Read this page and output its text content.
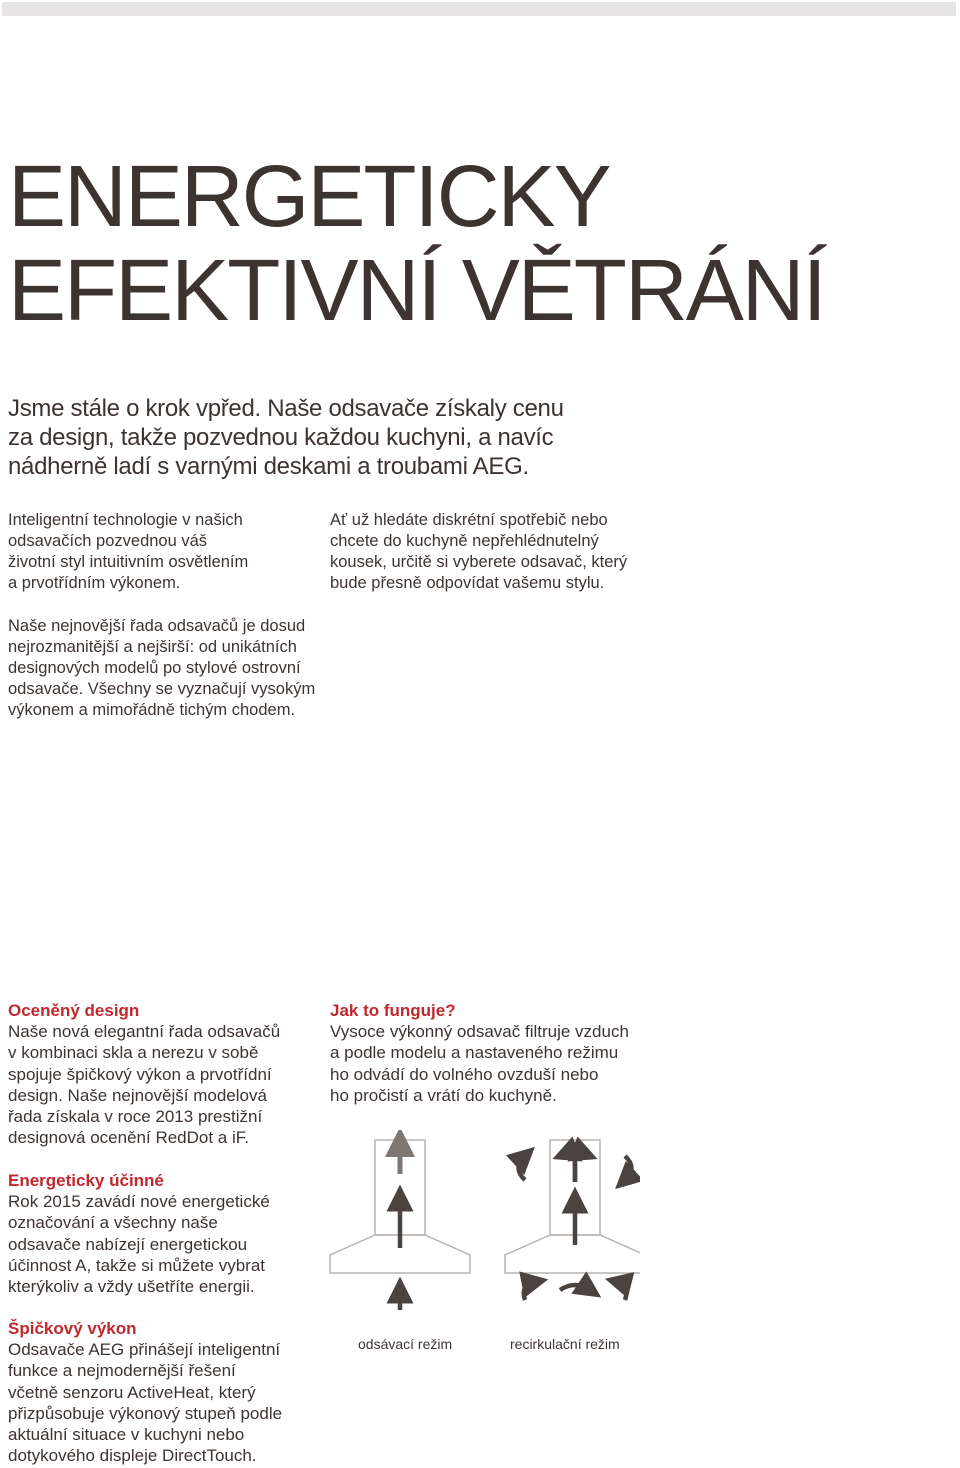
ENERGETICKY
EFEKTIVNÍ VĚTRÁNÍ

Jsme stále o krok vpřed. Naše odsavače získaly cenu
za design, takže pozvednou každou kuchyni, a navíc
nádherně ladí s varnými deskami a troubami AEG.

Inteligentní technologie v našich
odsavačích pozvednou váš
životní styl intuitivním osvětlením
a prvotřídním výkonem.

Ať už hledáte diskrétní spotřebič nebo
chcete do kuchyně nepřehlédnutelný
kousek, určitě si vyberete odsavač, který
bude přesně odpovídat vašemu stylu.

Naše nejnovější řada odsavačů je dosud
nejrozmanitější a nejširší: od unikátních
designových modelů po stylové ostrovní
odsavače. Všechny se vyznačují vysokým
výkonem a mimořádně tichým chodem.

Oceněný design

Naše nová elegantní řada odsavačů
v kombinaci skla a nerezu v sobě
spojuje špičkový výkon a prvotřídní
design. Naše nejnovější modelová
řada získala v roce 2013 prestižní
designová ocenění RedDot a iF.

Energeticky účinné

Rok 2015 zavádí nové energetické
označování a všechny naše
odsavače nabízejí energetickou
účinnost A, takže si můžete vybrat
kterýkoliv a vždy ušetříte energii.

Špičkový výkon

Odsavače AEG přinášejí inteligentní
funkce a nejmodernější řešení
včetně senzoru ActiveHeat, který
přizpůsobuje výkonový stupeň podle
aktuální situace v kuchyni nebo
dotykového displeje DirectTouch.

Jak to funguje?

Vysoce výkonný odsavač filtruje vzduch
a podle modelu a nastaveného režimu
ho odvádí do volného ovzduší nebo
ho pročistí a vrátí do kuchyně.

odsávací režim	recirkulační režim
